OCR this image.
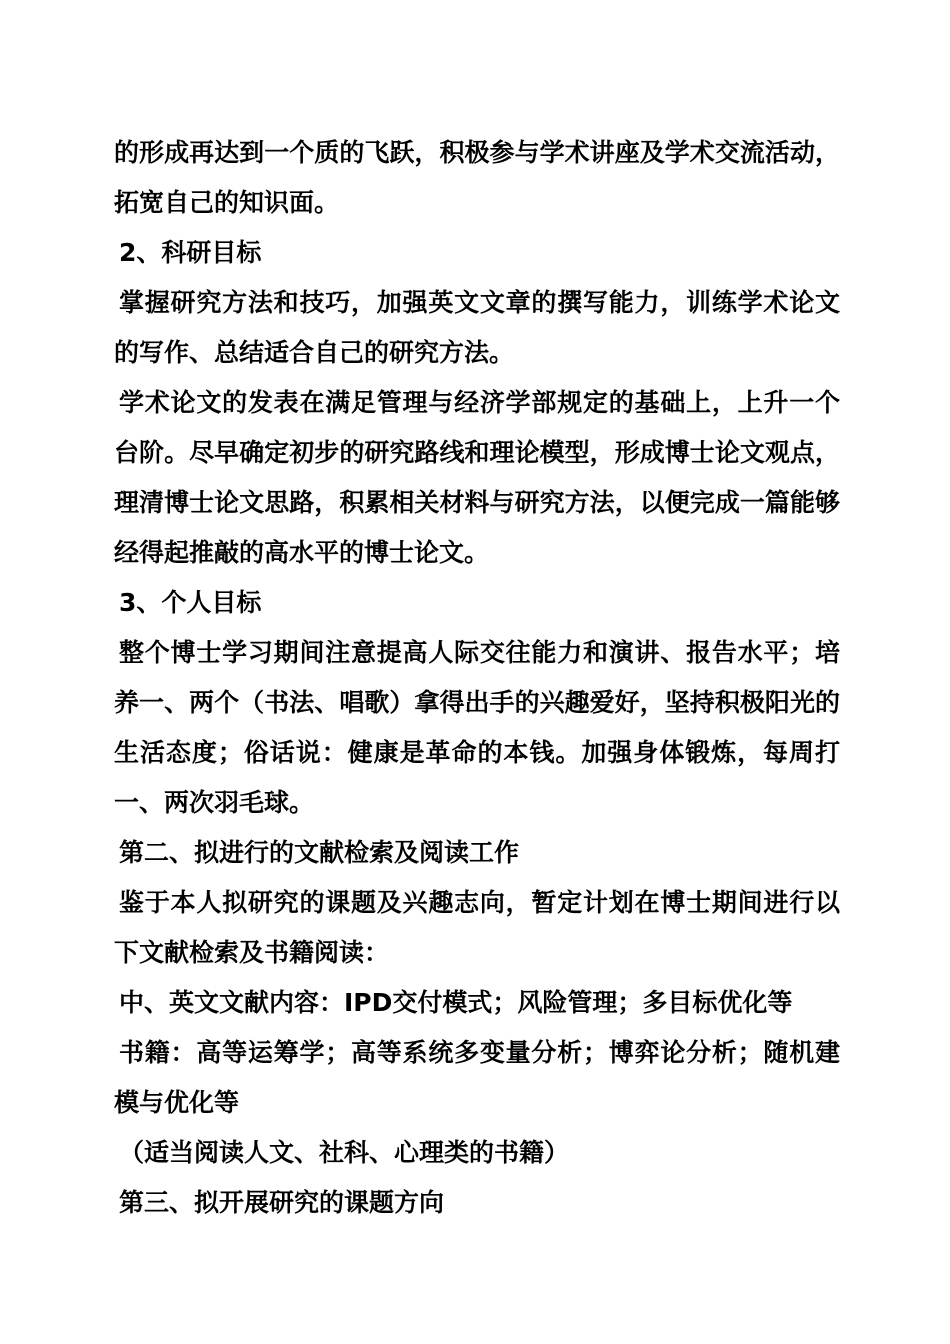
的形成再达到一个质的飞跃，积极参与学术讲座及学术交流活动，拓宽自己的知识面。

2、科研目标

掌握研究方法和技巧，加强英文文章的撰写能力，训练学术论文的写作、总结适合自己的研究方法。

学术论文的发表在满足管理与经济学部规定的基础上，上升一个台阶。尽早确定初步的研究路线和理论模型，形成博士论文观点，理清博士论文思路，积累相关材料与研究方法，以便完成一篇能够经得起推敲的高水平的博士论文。

3、个人目标

整个博士学习期间注意提高人际交往能力和演讲、报告水平；培养一、两个（书法、唱歌）拿得出手的兴趣爱好，坚持积极阳光的生活态度；俗话说：健康是革命的本钱。加强身体锻炼，每周打一、两次羽毛球。

第二、拟进行的文献检索及阅读工作

鉴于本人拟研究的课题及兴趣志向，暂定计划在博士期间进行以下文献检索及书籍阅读：

中、英文文献内容：IPD交付模式；风险管理；多目标优化等

书籍：高等运筹学；高等系统多变量分析；博弈论分析；随机建模与优化等

（适当阅读人文、社科、心理类的书籍）

第三、拟开展研究的课题方向
